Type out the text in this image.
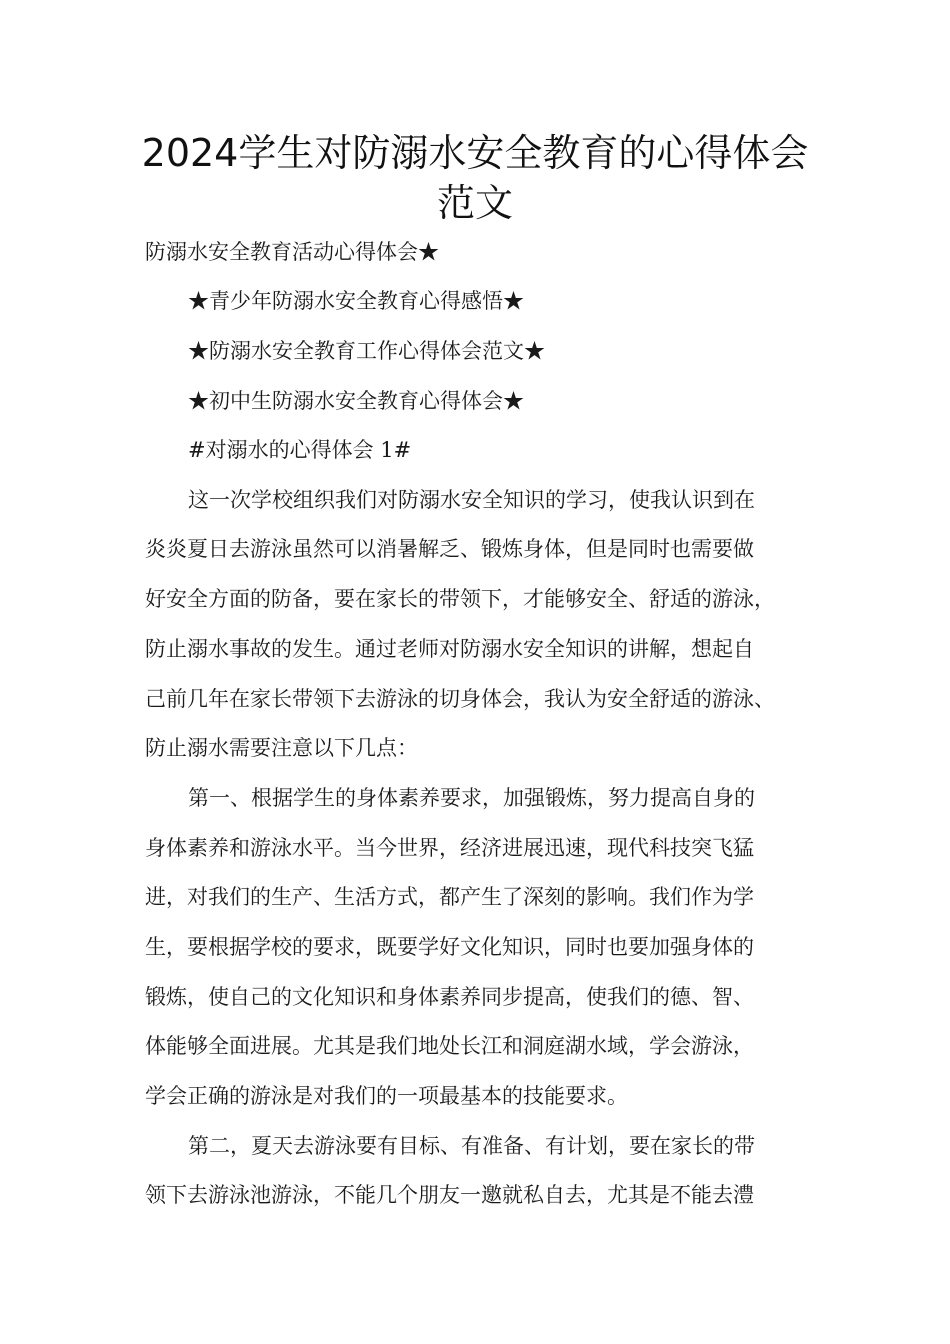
2024学生对防溺水安全教育的心得体会
范文
防溺水安全教育活动心得体会★
★青少年防溺水安全教育心得感悟★
★防溺水安全教育工作心得体会范文★
★初中生防溺水安全教育心得体会★
#对溺水的心得体会 1#
这一次学校组织我们对防溺水安全知识的学习，使我认识到在
炎炎夏日去游泳虽然可以消暑解乏、锻炼身体，但是同时也需要做
好安全方面的防备，要在家长的带领下，才能够安全、舒适的游泳，
防止溺水事故的发生。通过老师对防溺水安全知识的讲解，想起自
己前几年在家长带领下去游泳的切身体会，我认为安全舒适的游泳、
防止溺水需要注意以下几点：
第一、根据学生的身体素养要求，加强锻炼，努力提高自身的
身体素养和游泳水平。当今世界，经济进展迅速，现代科技突飞猛
进，对我们的生产、生活方式，都产生了深刻的影响。我们作为学
生，要根据学校的要求，既要学好文化知识，同时也要加强身体的
锻炼，使自己的文化知识和身体素养同步提高，使我们的德、智、
体能够全面进展。尤其是我们地处长江和洞庭湖水域，学会游泳，
学会正确的游泳是对我们的一项最基本的技能要求。
第二，夏天去游泳要有目标、有准备、有计划，要在家长的带
领下去游泳池游泳，不能几个朋友一邀就私自去，尤其是不能去澧
